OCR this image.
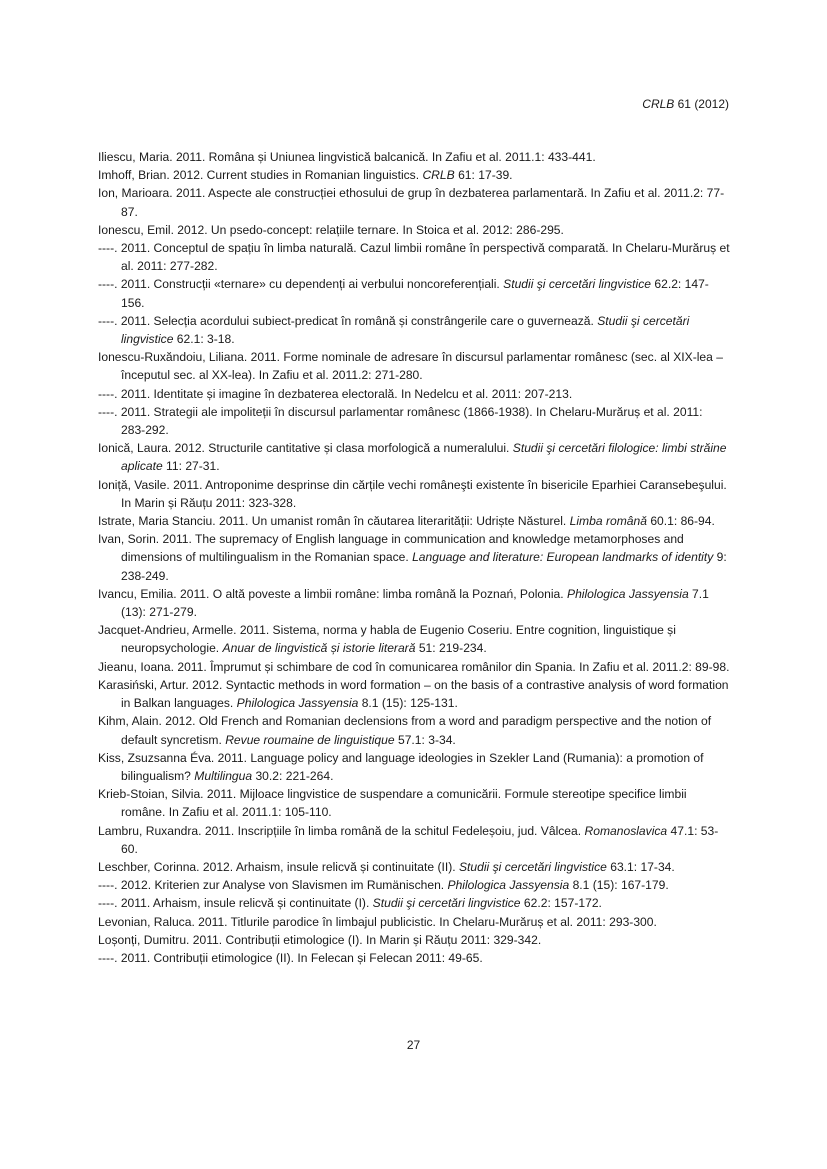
CRLB 61 (2012)
Iliescu, Maria. 2011. Româna și Uniunea lingvistică balcanică. In Zafiu et al. 2011.1: 433-441.
Imhoff, Brian. 2012. Current studies in Romanian linguistics. CRLB 61: 17-39.
Ion, Marioara. 2011. Aspecte ale construcției ethosului de grup în dezbaterea parlamentară. In Zafiu et al. 2011.2: 77-87.
Ionescu, Emil. 2012. Un psedo-concept: relațiile ternare. In Stoica et al. 2012: 286-295.
----. 2011. Conceptul de spațiu în limba naturală. Cazul limbii române în perspectivă comparată. In Chelaru-Murăruș et al. 2011: 277-282.
----. 2011. Construcții «ternare» cu dependenți ai verbului noncoreferențiali. Studii şi cercetări lingvistice 62.2: 147-156.
----. 2011. Selecția acordului subiect-predicat în română și constrângerile care o guvernează. Studii şi cercetări lingvistice 62.1: 3-18.
Ionescu-Ruxăndoiu, Liliana. 2011. Forme nominale de adresare în discursul parlamentar românesc (sec. al XIX-lea – începutul sec. al XX-lea). In Zafiu et al. 2011.2: 271-280.
----. 2011. Identitate și imagine în dezbaterea electorală. In Nedelcu et al. 2011: 207-213.
----. 2011. Strategii ale impoliteții în discursul parlamentar românesc (1866-1938). In Chelaru-Murăruș et al. 2011: 283-292.
Ionică, Laura. 2012. Structurile cantitative și clasa morfologică a numeralului. Studii şi cercetări filologice: limbi străine aplicate 11: 27-31.
Ioniță, Vasile. 2011. Antroponime desprinse din cărțile vechi româneşti existente în bisericile Eparhiei Caransebeşului. In Marin și Răuțu 2011: 323-328.
Istrate, Maria Stanciu. 2011. Un umanist român în căutarea literarității: Udriște Năsturel. Limba română 60.1: 86-94.
Ivan, Sorin. 2011. The supremacy of English language in communication and knowledge metamorphoses and dimensions of multilingualism in the Romanian space. Language and literature: European landmarks of identity 9: 238-249.
Ivancu, Emilia. 2011. O altă poveste a limbii române: limba română la Poznań, Polonia. Philologica Jassyensia 7.1 (13): 271-279.
Jacquet-Andrieu, Armelle. 2011. Sistema, norma y habla de Eugenio Coseriu. Entre cognition, linguistique și neuropsychologie. Anuar de lingvistică și istorie literară 51: 219-234.
Jieanu, Ioana. 2011. Împrumut și schimbare de cod în comunicarea românilor din Spania. In Zafiu et al. 2011.2: 89-98.
Karasiński, Artur. 2012. Syntactic methods in word formation – on the basis of a contrastive analysis of word formation in Balkan languages. Philologica Jassyensia 8.1 (15): 125-131.
Kihm, Alain. 2012. Old French and Romanian declensions from a word and paradigm perspective and the notion of default syncretism. Revue roumaine de linguistique 57.1: 3-34.
Kiss, Zsuzsanna Éva. 2011. Language policy and language ideologies in Szekler Land (Rumania): a promotion of bilingualism? Multilingua 30.2: 221-264.
Krieb-Stoian, Silvia. 2011. Mijloace lingvistice de suspendare a comunicării. Formule stereotipe specifice limbii române. In Zafiu et al. 2011.1: 105-110.
Lambru, Ruxandra. 2011. Inscripțiile în limba română de la schitul Fedeleșoiu, jud. Vâlcea. Romanoslavica 47.1: 53-60.
Leschber, Corinna. 2012. Arhaism, insule relicvă și continuitate (II). Studii şi cercetări lingvistice 63.1: 17-34.
----. 2012. Kriterien zur Analyse von Slavismen im Rumänischen. Philologica Jassyensia 8.1 (15): 167-179.
----. 2011. Arhaism, insule relicvă și continuitate (I). Studii şi cercetări lingvistice 62.2: 157-172.
Levonian, Raluca. 2011. Titlurile parodice în limbajul publicistic. In Chelaru-Murăruș et al. 2011: 293-300.
Loșonți, Dumitru. 2011. Contribuții etimologice (I). In Marin și Răuțu 2011: 329-342.
----. 2011. Contribuții etimologice (II). In Felecan și Felecan 2011: 49-65.
27
